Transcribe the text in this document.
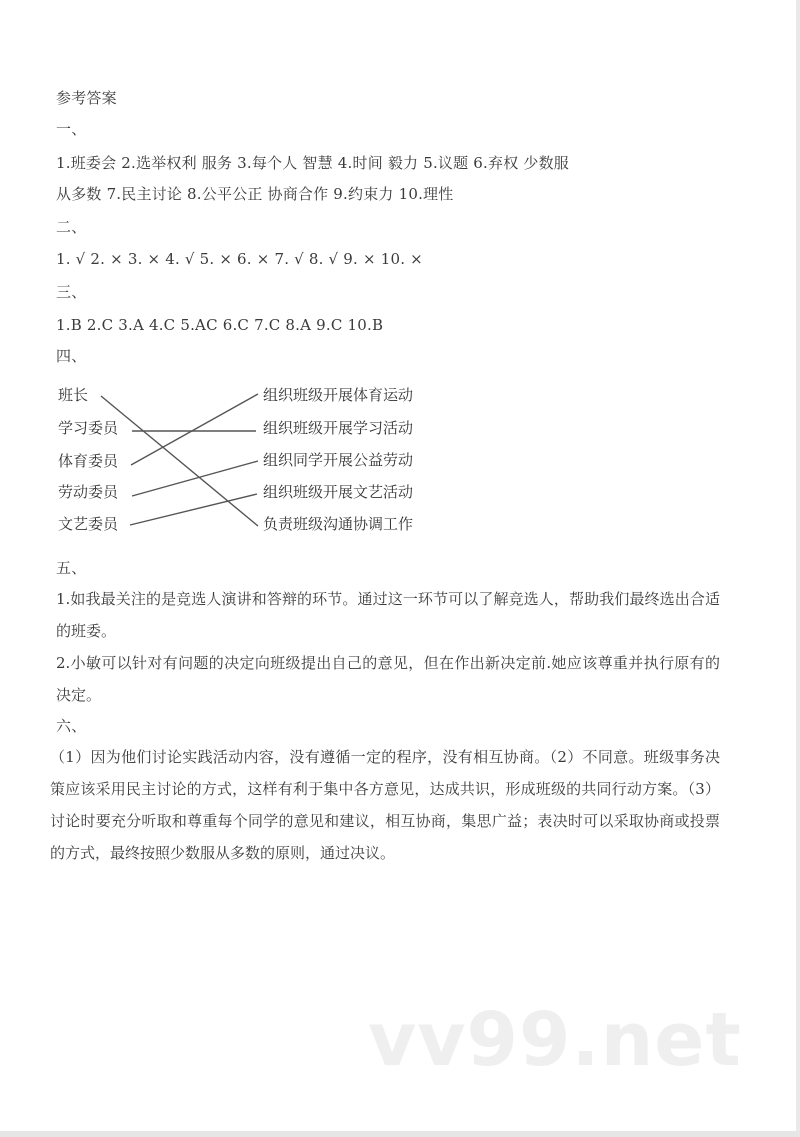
参考答案
一、
1.班委会 2.选举权利 服务 3.每个人 智慧 4.时间 毅力 5.议题 6.弃权 少数服
从多数 7.民主讨论 8.公平公正 协商合作 9.约束力 10.理性
二、
1. √ 2. × 3. × 4. √ 5. × 6. × 7. √ 8. √ 9. × 10. ×
三、
1.B 2.C 3.A 4.C 5.AC 6.C 7.C 8.A 9.C 10.B
四、
班长
学习委员
体育委员
劳动委员
文艺委员
组织班级开展体育运动
组织班级开展学习活动
组织同学开展公益劳动
组织班级开展文艺活动
负责班级沟通协调工作
五、
1.如我最关注的是竞选人演讲和答辩的环节。通过这一环节可以了解竞选人，帮助我们最终选出合适的班委。
2.小敏可以针对有问题的决定向班级提出自己的意见，但在作出新决定前.她应该尊重并执行原有的决定。
六、
（1）因为他们讨论实践活动内容，没有遵循一定的程序，没有相互协商。（2）不同意。班级事务决策应该采用民主讨论的方式，这样有利于集中各方意见，达成共识，形成班级的共同行动方案。（3）讨论时要充分听取和尊重每个同学的意见和建议，相互协商，集思广益；表决时可以采取协商或投票的方式，最终按照少数服从多数的原则，通过决议。
vv99.net
